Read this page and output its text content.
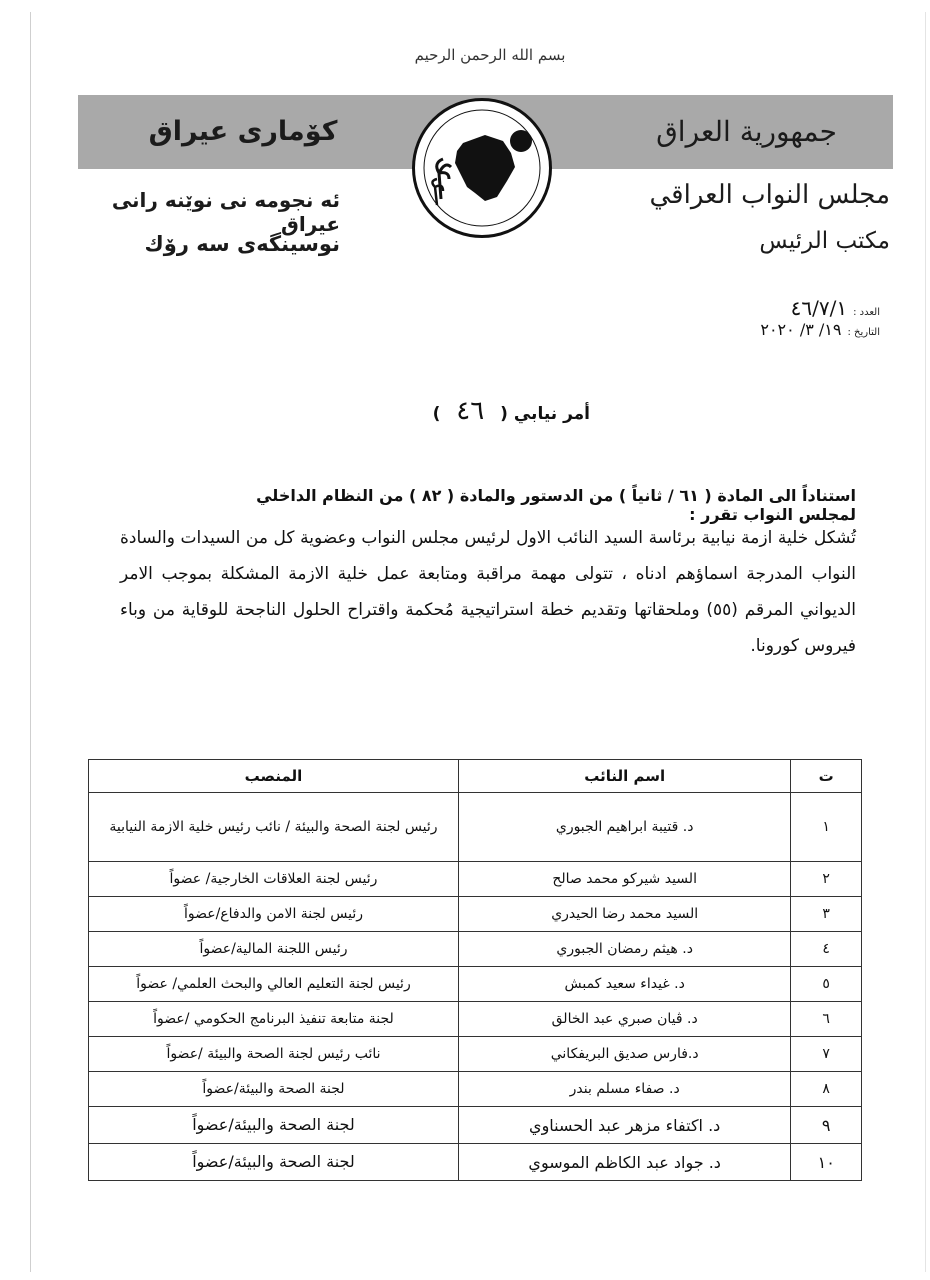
بسم الله الرحمن الرحيم
كۆمارى عيراق	جمهورية العراق
ئه نجومه نى نوێنه رانى عيراق
نوسينگه‌ى سه رۆك
مجلس النواب العراقي
مكتب الرئيس
العدد :
٤٦/٧/١
التاريخ :
١٩/ ٣/ ٢٠٢٠
أمر نيابي ( ٤٦ )
استناداً الى المادة ( ٦١ / ثانياً ) من الدستور والمادة ( ٨٢ ) من النظام الداخلي لمجلس النواب تقرر :
تُشكل خلية ازمة نيابية برئاسة السيد النائب الاول لرئيس مجلس النواب وعضوية كل من السيدات والسادة النواب المدرجة اسماؤهم ادناه ، تتولى مهمة مراقبة ومتابعة عمل خلية الازمة المشكلة بموجب الامر الديواني المرقم (٥٥) وملحقاتها وتقديم خطة استراتيجية مُحكمة واقتراح الحلول الناجحة للوقاية من وباء فيروس كورونا.
ت	اسم النائب	المنصب
١	د. قتيبة ابراهيم الجبوري	رئيس لجنة الصحة والبيئة / نائب رئيس خلية الازمة النيابية
٢	السيد شيركو محمد صالح	رئيس لجنة العلاقات الخارجية/ عضواً
٣	السيد محمد رضا الحيدري	رئيس لجنة الامن والدفاع/عضواً
٤	د. هيثم رمضان الجبوري	رئيس اللجنة المالية/عضواً
٥	د. غيداء سعيد كمبش	رئيس لجنة التعليم العالي والبحث العلمي/ عضواً
٦	د. ڤيان صبري عبد الخالق	لجنة متابعة تنفيذ البرنامج الحكومي /عضواً
٧	د.فارس صديق البريفكاني	نائب رئيس لجنة الصحة والبيئة /عضواً
٨	د. صفاء مسلم بندر	لجنة الصحة والبيئة/عضواً
٩	د. اكتفاء مزهر عبد الحسناوي	لجنة الصحة والبيئة/عضواً
١٠	د. جواد عبد الكاظم الموسوي	لجنة الصحة والبيئة/عضواً
